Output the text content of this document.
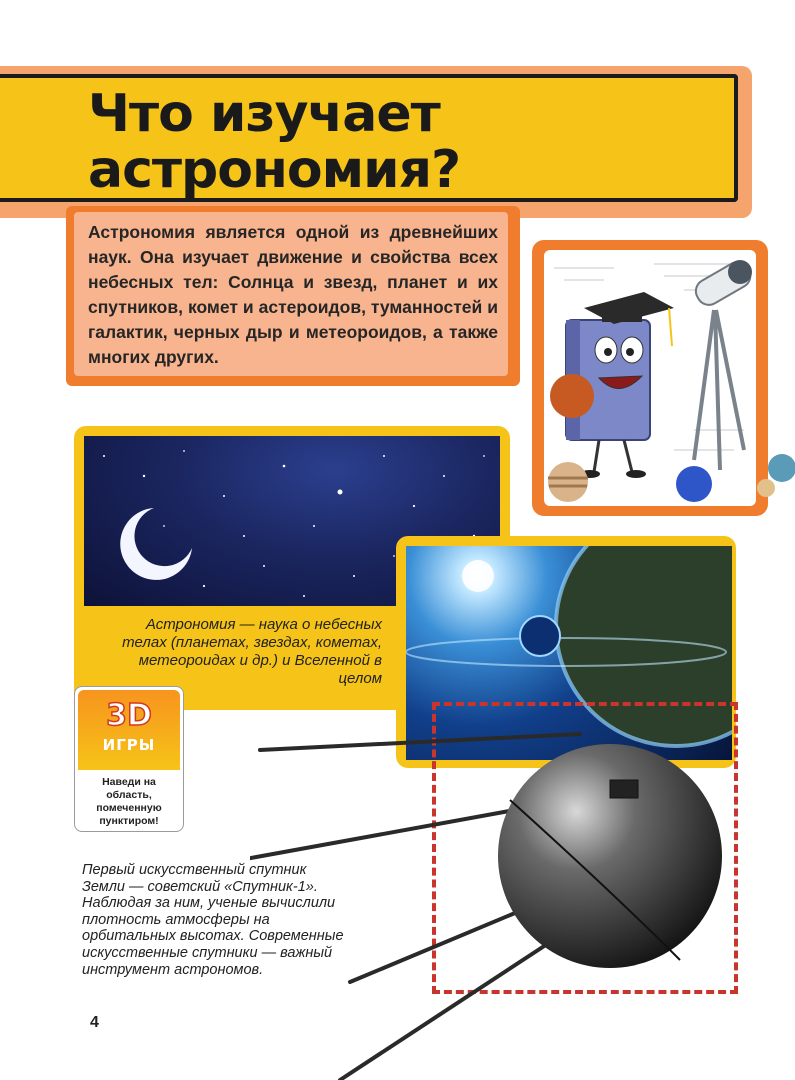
Что изучает
астрономия?
Астрономия является одной из древнейших наук. Она изучает движение и свойства всех небесных тел: Солнца и звезд, планет и их спутников, комет и астероидов, туманностей и галактик, черных дыр и метеороидов, а также многих других.
Астрономия — наука о небесных телах (планетах, звездах, кометах, метеороидах и др.) и Вселенной в целом
3D
ИГРЫ
Наведи на область, помеченную пунктиром!
Первый искусственный спутник Земли — советский «Спутник-1». Наблюдая за ним, ученые вычислили плотность атмосферы на орбитальных высотах. Современные искусственные спутники — важный инструмент астрономов.
4
